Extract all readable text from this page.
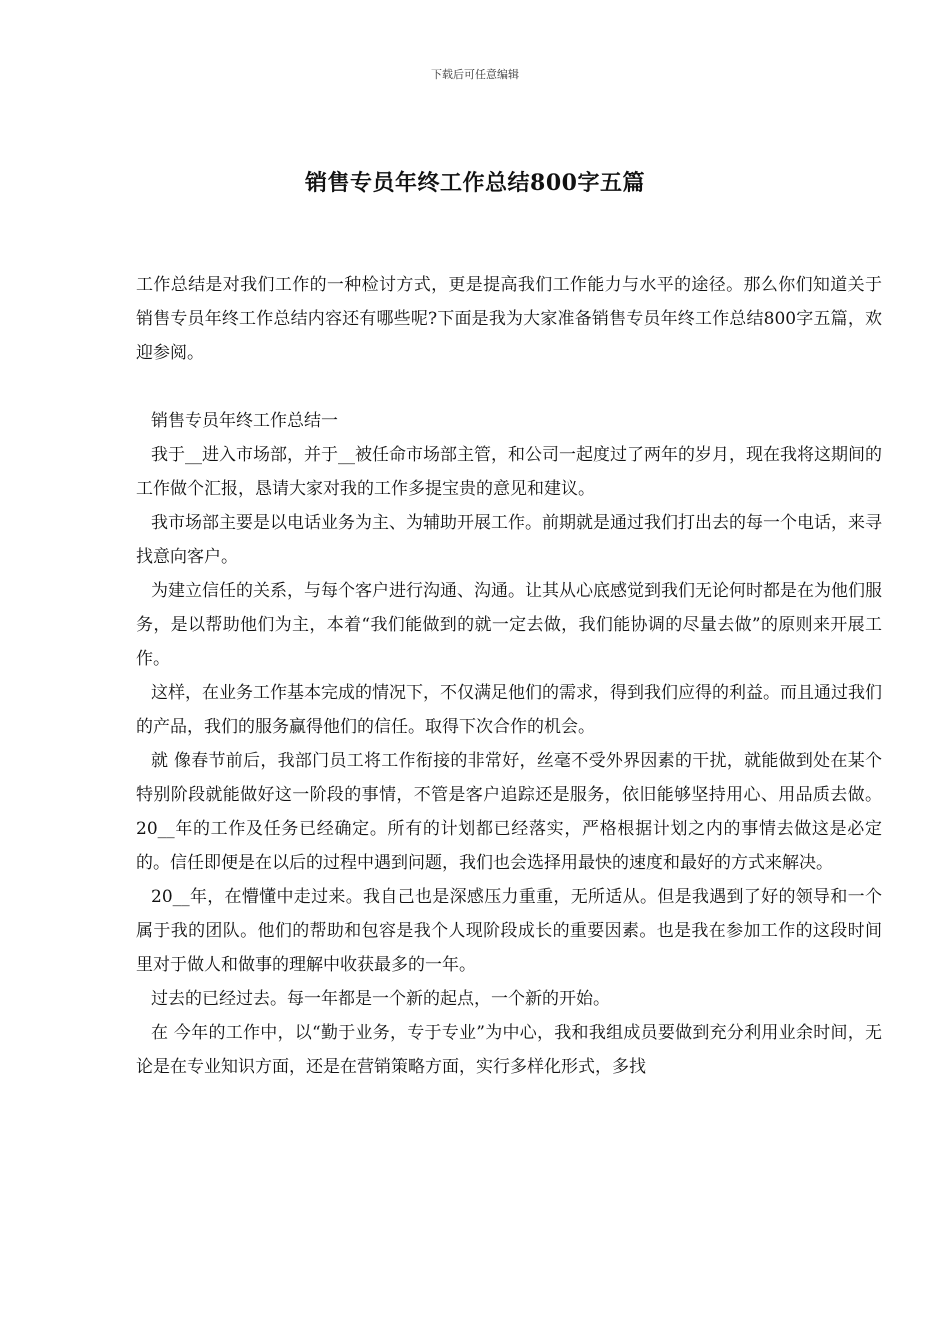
下载后可任意编辑
销售专员年终工作总结800字五篇

工作总结是对我们工作的一种检讨方式，更是提高我们工作能力与水平的途径。那么你们知道关于销售专员年终工作总结内容还有哪些呢?下面是我为大家准备销售专员年终工作总结800字五篇，欢迎参阅。

销售专员年终工作总结一

我于__进入市场部，并于__被任命市场部主管，和公司一起度过了两年的岁月，现在我将这期间的工作做个汇报，恳请大家对我的工作多提宝贵的意见和建议。

我市场部主要是以电话业务为主、为辅助开展工作。前期就是通过我们打出去的每一个电话，来寻找意向客户。

为建立信任的关系，与每个客户进行沟通、沟通。让其从心底感觉到我们无论何时都是在为他们服务，是以帮助他们为主，本着“我们能做到的就一定去做，我们能协调的尽量去做”的原则来开展工作。

这样，在业务工作基本完成的情况下，不仅满足他们的需求，得到我们应得的利益。而且通过我们的产品，我们的服务赢得他们的信任。取得下次合作的机会。

就 像春节前后，我部门员工将工作衔接的非常好，丝毫不受外界因素的干扰，就能做到处在某个特别阶段就能做好这一阶段的事情，不管是客户追踪还是服务，依旧能够坚持用心、用品质去做。20__年的工作及任务已经确定。所有的计划都已经落实，严格根据计划之内的事情去做这是必定的。信任即便是在以后的过程中遇到问题，我们也会选择用最快的速度和最好的方式来解决。

20__年，在懵懂中走过来。我自己也是深感压力重重，无所适从。但是我遇到了好的领导和一个属于我的团队。他们的帮助和包容是我个人现阶段成长的重要因素。也是我在参加工作的这段时间里对于做人和做事的理解中收获最多的一年。

过去的已经过去。每一年都是一个新的起点，一个新的开始。

在 今年的工作中，以“勤于业务，专于专业”为中心，我和我组成员要做到充分利用业余时间，无论是在专业知识方面，还是在营销策略方面，实行多样化形式，多找
